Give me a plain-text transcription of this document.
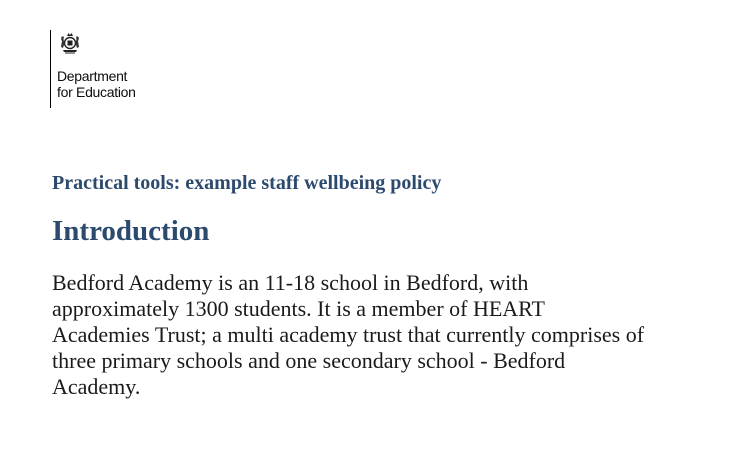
Department
for Education
Practical tools: example staff wellbeing policy
Introduction
Bedford Academy is an 11-18 school in Bedford, with
approximately 1300 students. It is a member of HEART
Academies Trust; a multi academy trust that currently comprises of
three primary schools and one secondary school - Bedford
Academy.
